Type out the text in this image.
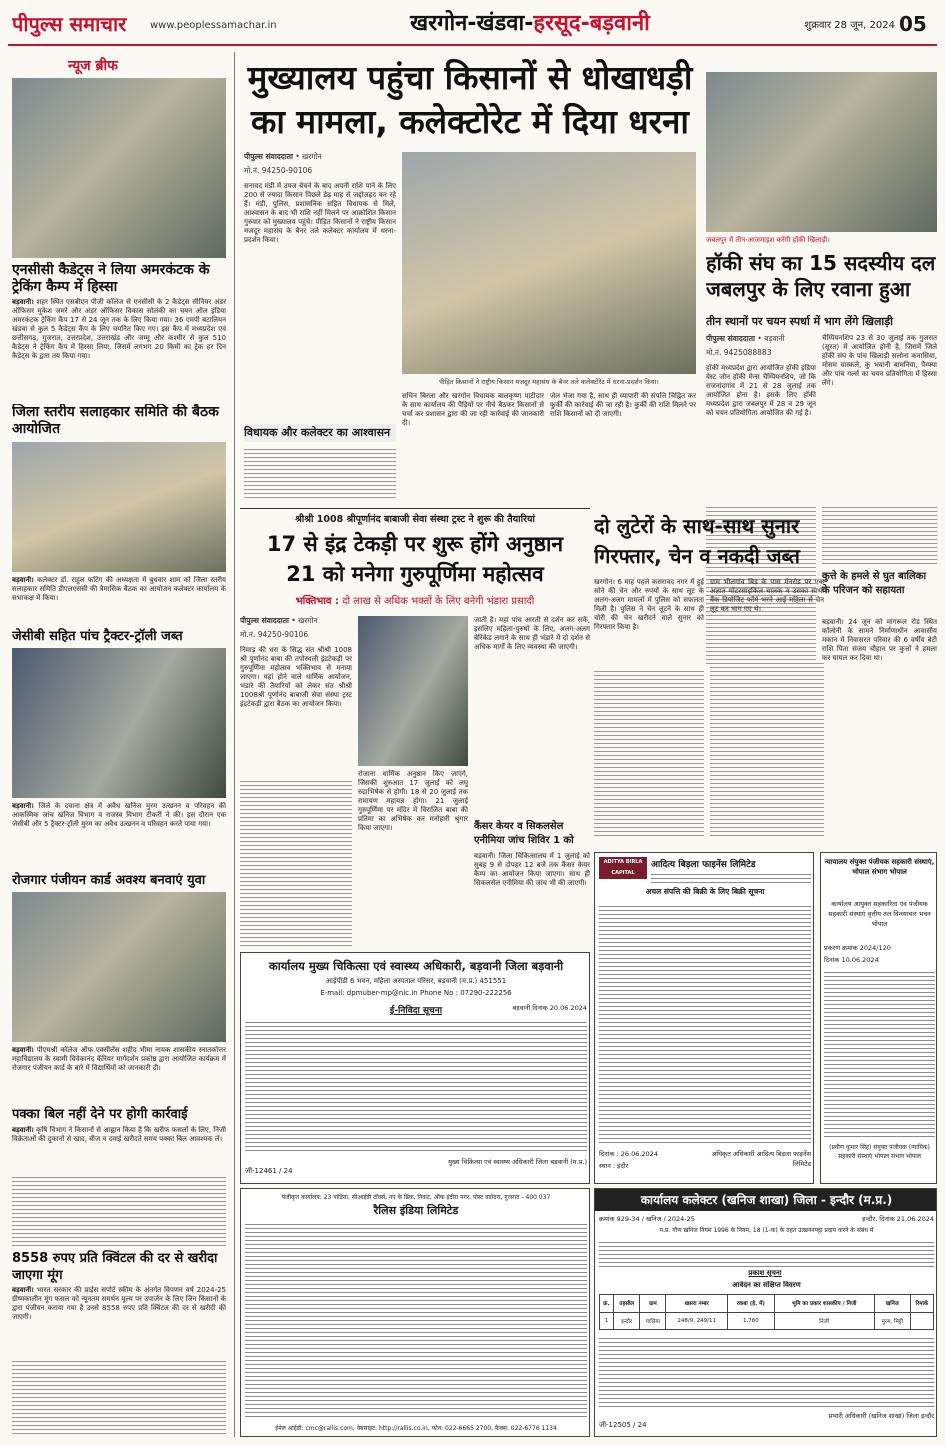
पीपुल्स समाचार	www.peoplessamachar.in	खरगोन-खंडवा-हरसूद-बड़वानी	शुक्रवार 28 जून, 2024 05
न्यूज ब्रीफ
एनसीसी कैडेट्स ने लिया अमरकंटक के ट्रेकिंग कैम्प में हिस्सा
बड़वानी। शहर स्थित एसबीएन पीजी कॉलेज से एनसीसी के 2 कैडेट्स सीनियर अंडर ऑफिसर मुकेश जमरे और अंडर ऑफिसर विकास सोलंकी का चयन ऑल इंडिया अमरकंटक ट्रेकिंग कैंप 17 से 24 जून तक के लिए किया गया। 36 एमपी बटालियन खंडवा से कुल 5 कैडेट्स कैंप के लिए चयनित किए गए। इस कैंप में मध्यप्रदेश एवं छत्तीसगढ़, गुजरात, उत्तरप्रदेश, उत्तराखंड और जम्मू और कश्मीर से कुल 510 कैडेट्स ने ट्रेकिंग कैंप में हिस्सा लिया, जिसमें लगभग 20 किमी का ट्रेक हर दिन कैडेट्स के द्वारा तय किया गया।
जिला स्तरीय सलाहकार समिति की बैठक आयोजित
बड़वानी। कलेक्टर डॉ. राहुल फटिंग की अध्यक्षता में बुधवार शाम को जिला स्तरीय सलाहकार समिति डीएलएससी की त्रैमासिक बैठक का आयोजन कलेक्टर कार्यालय के सभाकक्ष में किया।
जेसीबी सहित पांच ट्रैक्टर-ट्रॉली जब्त
बड़वानी। जिले के दवाना क्षेत्र में अवैध खनिज मुरम उत्खनन व परिवहन की आकस्मिक जांच खनिज विभाग व राजस्व विभाग टीकरी ने की। इस दौरान एक जेसीबी और 5 ट्रैक्टर-ट्रॉली मुरम का अवैध उत्खनन व परिवहन करते पाया गया।
रोजगार पंजीयन कार्ड अवश्य बनवाएं युवा
बड़वानी। पीएमश्री कॉलेज ऑफ एक्सीलेंस शहीद भीमा नायक शासकीय स्नातकोत्तर महाविद्यालय के स्वामी विवेकानंद कॅरियर मार्गदर्शन प्रकोष्ठ द्वारा आयोजित कार्यक्रम में रोजगार पंजीयन कार्ड के बारे में विद्यार्थियों को जानकारी दी।
पक्का बिल नहीं देने पर होगी कार्रवाई
बड़वानी। कृषि विभाग ने किसानों से आह्वान किया है कि खरीफ फसलों के लिए, निजी विक्रेताओं की दुकानों से खाद, बीज व दवाई खरीदते समय पक्का बिल आवश्यक लें।
8558 रुपए प्रति क्विंटल की दर से खरीदा जाएगा मूंग
बड़वानी। भारत सरकार की प्राईस सपोर्ट स्कीम के अंतर्गत विपणन वर्ष 2024-25 ग्रीष्मकालीन मूंग फसल को न्यूनतम समर्थन मूल्य पर उपार्जन के लिए जिन किसानों के द्वारा पंजीयन कराया गया है उनसे 8558 रुपए प्रति क्विंटल की दर से खरीदी की जाएगी।
मुख्यालय पहुंचा किसानों से धोखाधड़ी का मामला, कलेक्टोरेट में दिया धरना
पीपुल्स संवाददाता • खरगोन
मो.नं. 94250-90106
सनावद मंडी में उपज बेचने के बाद अपनी राशि पाने के लिए 200 से ज्यादा किसान पिछले डेढ़ माह से जद्दोजहद कर रहे हैं। मंडी, पुलिस, प्रशासनिक सहित विधायक से मिले, आश्वासन के बाद भी राशि नहीं मिलने पर आक्रोशित किसान गुरुवार को मुख्यालय पहुंचे। पीड़ित किसानों ने राष्ट्रीय किसान मजदूर महासंघ के बैनर तले कलेक्टर कार्यालय में धरना-प्रदर्शन किया।
पीड़ित किसानों ने राष्ट्रीय किसान मजदूर महासंघ के बैनर तले कलेक्टोरेट में धरना-प्रदर्शन किया।
विधायक और कलेक्टर का आश्वासन
सचिन बिरला और खरगोन विधायक बालकृष्ण पाटीदार के साथ कार्यालय की पैड़ियों पर नीचे बैठकर किसानों से चर्चा कर प्रशासन द्वारा की जा रही कार्रवाई की जानकारी दी।
जेल भेजा गया है, साथ ही व्यापारी की संपत्ति चिह्नित कर कुर्की की कार्रवाई की जा रही है। कुर्की की राशि मिलने पर राशि किसानों को दी जाएगी।
जबलपुर में तीन-आजमाइश करेंगी हॉकी खिलाड़ी।
हॉकी संघ का 15 सदस्यीय दल जबलपुर के लिए रवाना हुआ
तीन स्थानों पर चयन स्पर्धा में भाग लेंगे खिलाड़ी
पीपुल्स संवाददाता • बड़वानी
मो.नं. 9425088883
हॉकी मध्यप्रदेश द्वारा आयोजित हॉकी इंडिया वेस्ट जोन हॉकी मेन्स चैम्पियनशिप, जो कि राजनांदगांव में 21 से 28 जुलाई तक आयोजित होना है। इसके लिए हॉकी मध्यप्रदेश द्वारा जबलपुर में 28 व 29 जून को चयन प्रतियोगिता आयोजित की गई है।
चैम्पियनशिप 23 से 30 जुलाई तक गुजरात (सूरत) में आयोजित होनी है, जिसमें जिले हॉकी संघ के पांच खिलाड़ी सलोना कनासिया, मोसम वास्कले, कुं भवानी बामनिया, पैम्फ्या और पांच गर्ल्स का चयन प्रतियोगिता में हिस्सा लेंगे।
श्रीश्री 1008 श्रीपूर्णानंद बाबाजी सेवा संस्था ट्रस्ट ने शुरू की तैयारियां
17 से इंद्र टेकड़ी पर शुरू होंगे अनुष्ठान
21 को मनेगा गुरुपूर्णिमा महोत्सव
भक्तिभाव : दो लाख से अधिक भक्तों के लिए बनेगी भंडारा प्रसादी
पीपुल्स संवाददाता • खरगोन
मो.नं. 94250-90106
निमाड़ की धरा के सिद्ध संत श्रीश्री 1008 श्री पूर्णानंद बाबा की तपोस्थली इंद्रटेकड़ी पर गुरुपूर्णिमा महोत्सव भक्तिभाव से मनाया जाएगा। यहां होने वाले धार्मिक आयोजन, भंडारे की तैयारियों को लेकर संत श्रीश्री 1008श्री पूर्णानंद बाबाजी सेवा संस्था ट्रस्ट इंद्रटेकड़ी द्वारा बैठक का आयोजन किया।
रोजाना धार्मिक अनुष्ठान किए जाएंगे, जिसकी शुरुआत 17 जुलाई को लघु रुद्राभिषेक से होगी। 18 से 20 जुलाई तक रामायण महायज्ञ होगा। 21 जुलाई गुरुपूर्णिमा पर मंदिर में विराजित बाबा की प्रतिमा का अभिषेक कर मनोहारी श्रृंगार किया जाएगा।
जाती है। यहां पांच आरती से दर्शन कर सकें, इसलिए महिला-पुरुषों के लिए, अलग-अलग बेरिकेड लगाने के साथ ही भंडारे में दो दर्शन से अधिक मार्गों के लिए व्यवस्था की जाएगी।
कैंसर केयर व सिकलसेल एनीमिया जांच शिविर 1 को
बड़वानी। जिला चिकित्सालय में 1 जुलाई को सुबह 9 से दोपहर 12 बजे तक कैंसर केयर कैम्प का आयोजन किया जाएगा। साथ ही सिकलसेल एनीमिया की जांच भी की जाएगी।
दो लुटेरों के साथ-साथ सुनार
गिरफ्तार, चेन व नकदी जब्त
खरगोन। 6 माह पहले कसरावद नगर में हुई सोने की चेन और रुपयों के साथ लूट के अलग-अलग मामलों में पुलिस को सफलता मिली है। पुलिस ने चेन लूटने के साथ ही चोरी की चेन खरीदने वाले सुनार को गिरफ्तार किया है।
ग्राम भीलगांव बिड़ के पास मेनरोड पर एक अज्ञात मोटरसाइकिल चालक व उसका साथी बैंक डिपोजिट फॉर्म भरने आई महिला से चेन लूट कर भाग गए थे।
कुत्ते के हमले से घुत बालिका के परिजन को सहायता
बड़वानी। 24 जून को मांगरूल रोड स्थित कॉलोनी के सामने निर्माणाधीन आवासीय मकान में निवासरत परिवार की 6 वर्षीय बेटी राशि पिता संजय चौहान पर कुत्तों ने हमला कर घायल कर दिया था।
ADITYA BIRLA CAPITAL
आदित्य बिड़ला फाइनेंस लिमिटेड
अचल संपत्ति की बिक्री के लिए बिक्री सूचना
दिनांक : 26.06.2024
स्थान : इंदौर
अधिकृत अधिकारी आदित्य बिड़ला फाइनेंस लिमिटेड
न्यायालय संयुक्त पंजीयक सहकारी संस्थाएं, भोपाल संभाग भोपाल
कार्यालय आयुक्त सहकारिता एवं पंजीयक सहकारी संस्थाएं वृत्तीय तल विन्ध्याचल भवन भोपाल
प्रकरण क्रमांक 2024/120
दिनांक 10.06.2024
(प्रवीण कुमार सिंह) संयुक्त पंजीयक (न्यायिक) सहकारी संस्थाएं भोपाल संभाग भोपाल
कार्यालय मुख्य चिकित्सा एवं स्वास्थ्य अधिकारी, बड़वानी जिला बड़वानी
आईपीडी 6 भवन, महिला अस्पताल परिसर, बड़वानी (म.प्र.) 451551
E-mail: dpmuber-mp@nic.in Phone No : 07290-222256
ई-निविदा सूचना	बड़वानी दिनांक 20.06.2024
जी-12461 / 24
मुख्य चिकित्सा एवं स्वास्थ्य अधिकारी जिला बड़वानी (म.प्र.)
पंजीकृत कार्यालय: 23 पांडिया, सीआईडी टॉवर्स, नए के ब्रिंक, निकट, ऑफ इंदीरा नगर, पोस्ट वडोदरा, गुजरात - 400 037
रैलिस इंडिया लिमिटेड
ईमेल आईडी: cmc@rallis.com, वेबसाइट: http://rallis.co.in, फोन: 022-6665 2700, फैक्स: 022-6776 1134
कार्यालय कलेक्टर (खनिज शाखा) जिला - इन्दौर (म.प्र.)
क्रमांक 929-34 / खनिज / 2024-25	इन्दौर, दिनांक 21.06.2024
म.प्र. गौण खनिज नियम 1996 के नियम, 18 (1-क) के तहत उत्खननपट्टा प्रदाय करने के संबंध में
प्रकाश सूचना
आवेदन का संक्षिप्त विवरण
क्र.	तहसील	ग्राम	खसरा नम्बर	रकबा (हे. में)	भूमि का प्रकार शासकीय / निजी	खनिज	रिमार्क
1	इन्दौर	पालिया	248/9, 249/11	1.780	निजी	मुरम, मिट्टी	
जी-12505 / 24
प्रभारी अधिकारी (खनिज शाखा) जिला इन्दौर
